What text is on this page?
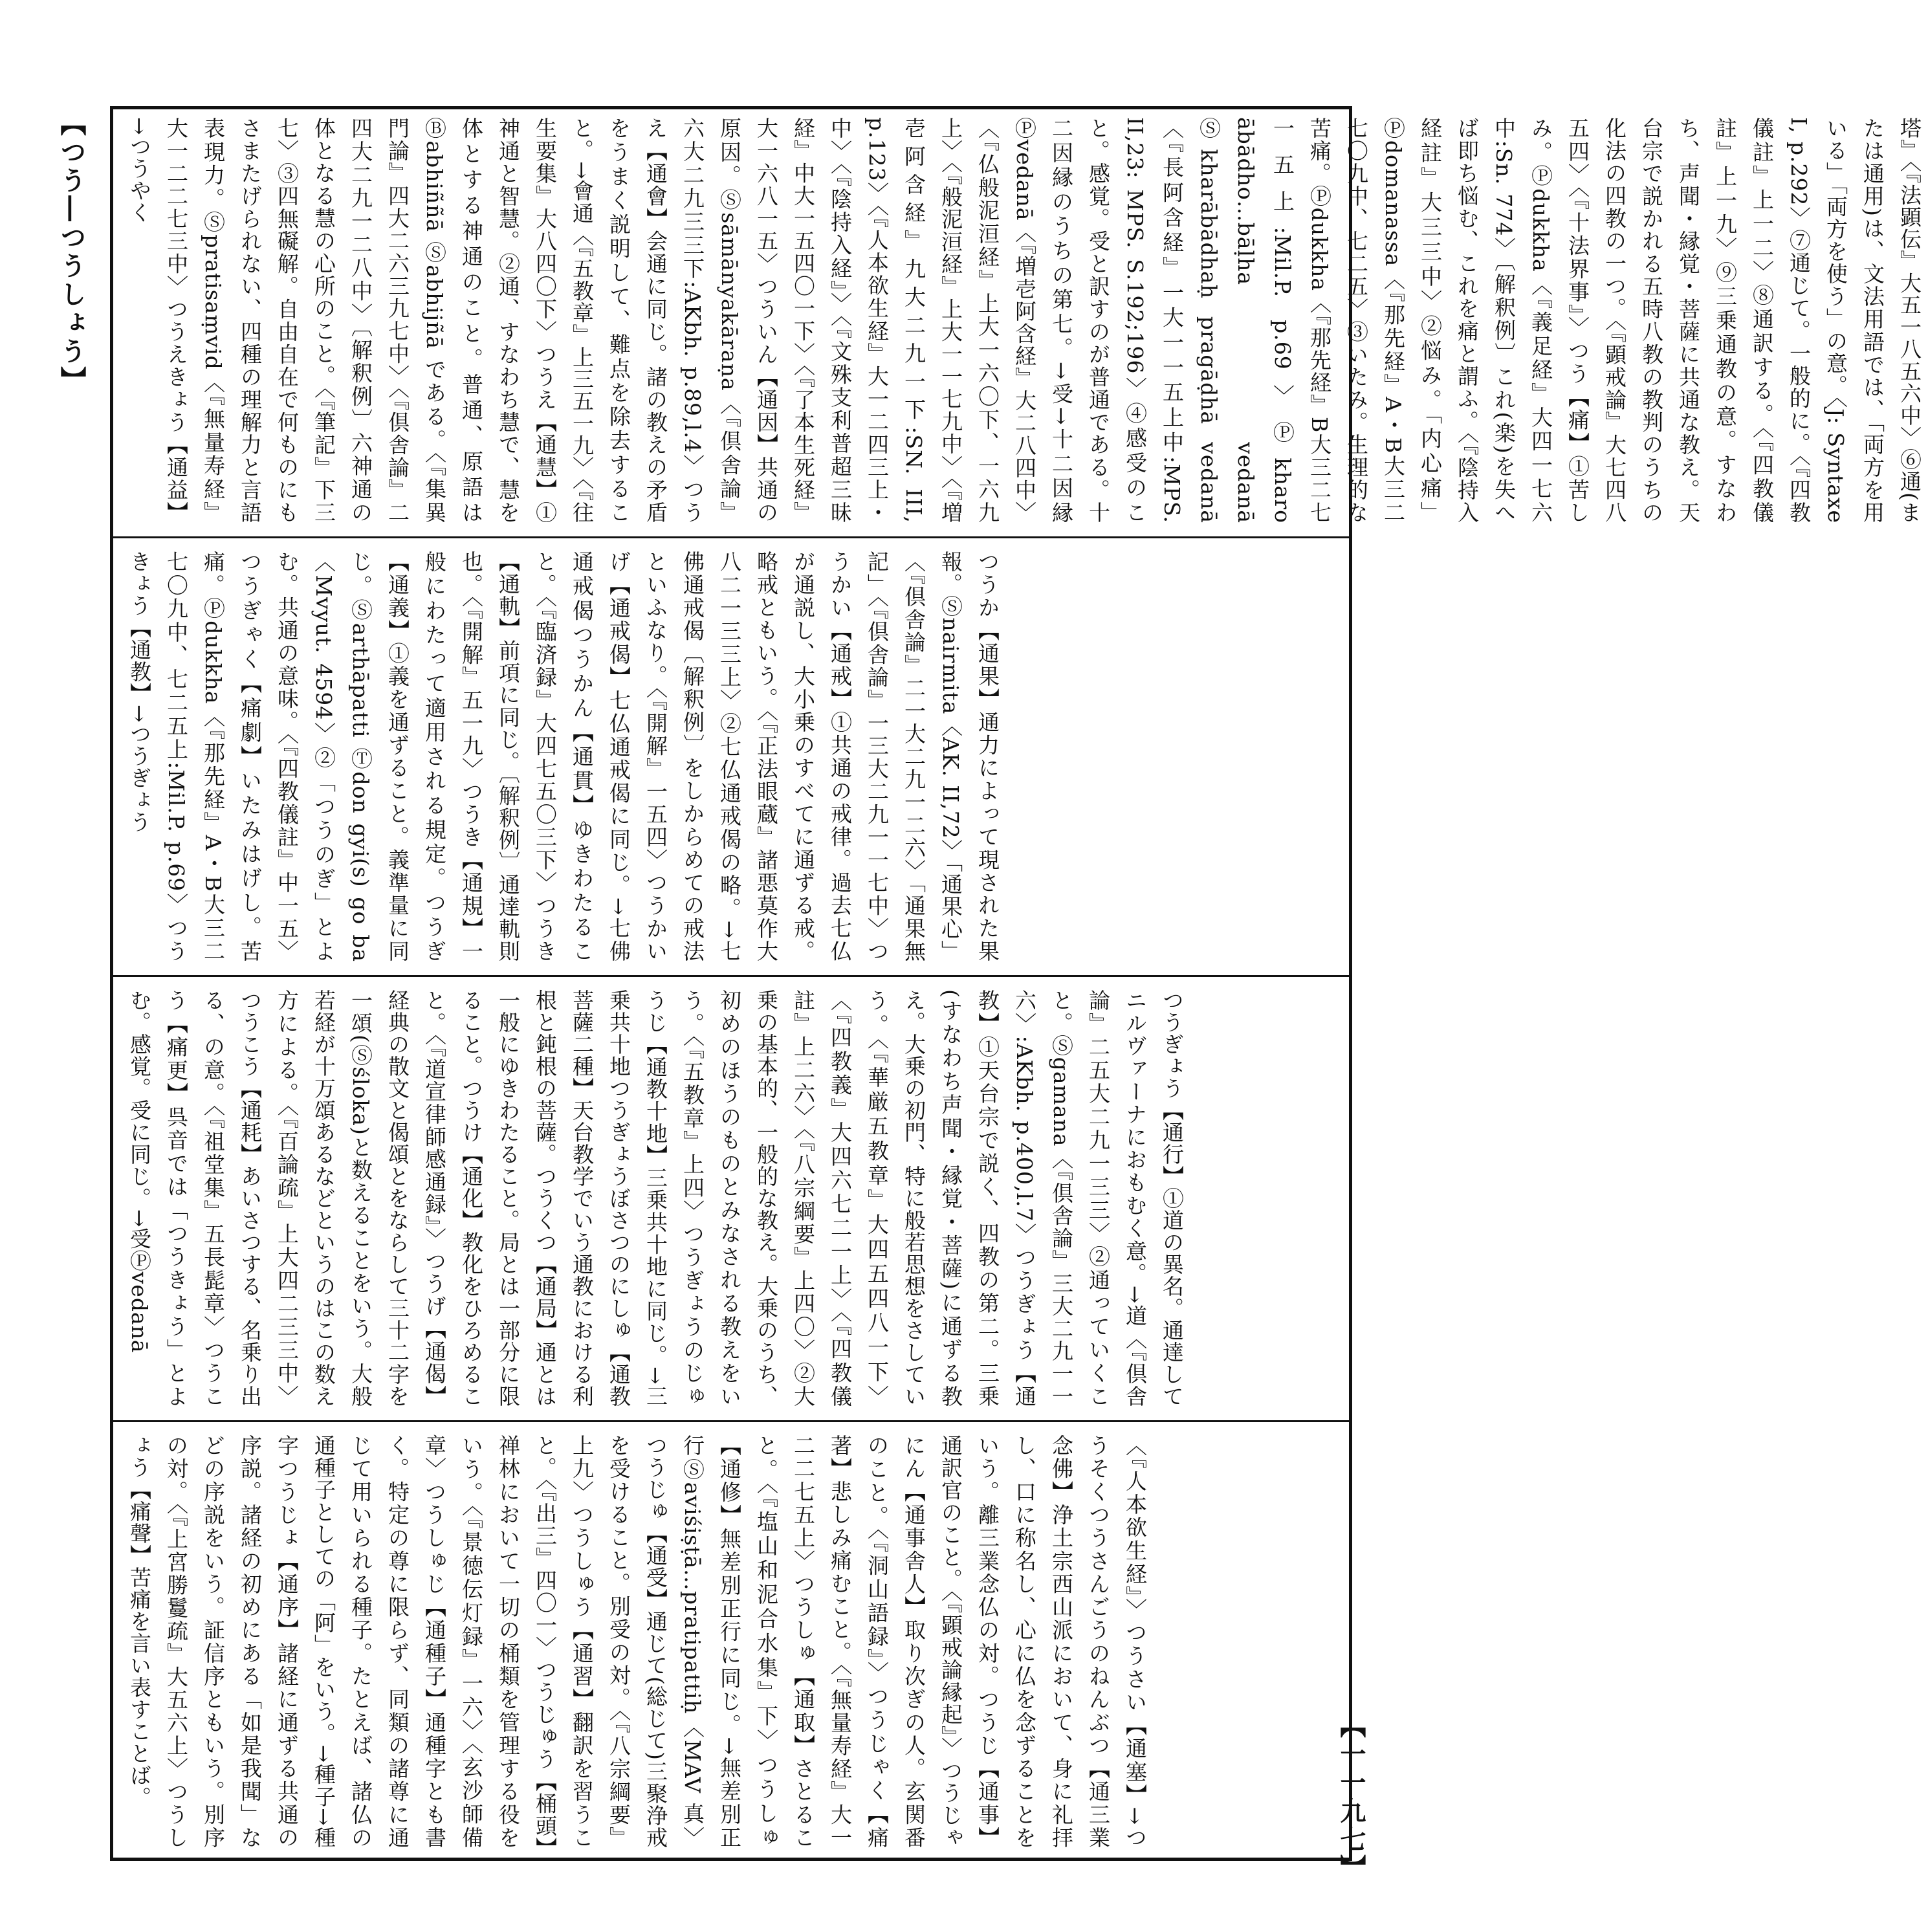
【つう―つうしょう】
【一一九七】
塔』〈『法顕伝』大五一八五六中〉⑥通(または通用)は、文法用語では、「両方を用いる」「両方を使う」の意。〈J: Syntaxe I, p.292〉⑦通じて。一般的に。〈『四教儀註』上一二〉⑧通訳する。〈『四教儀註』上一九〉⑨三乗通教の意。すなわち、声聞・縁覚・菩薩に共通な教え。天台宗で説かれる五時八教の教判のうちの化法の四教の一つ。〈『顕戒論』大七四八五四〉〈『十法界事』〉つう【痛】①苦しみ。Ⓟdukkha〈『義足経』大四一七六中:Sn. 774〉〔解釈例〕これ(楽)を失へば即ち悩む、これを痛と謂ふ。〈『陰持入経註』大三三中〉②悩み。「内心痛」Ⓟdomanassa〈『那先経』A・B大三二七〇九中、七二五〉③いたみ。生理的な苦痛。Ⓟdukkha〈『那先経』B大三二七一五上:Mil.P. p.69〉Ⓟkharo ābādho…bāḷha vedanā Ⓢkharābādhaḥ pragāḍhā vedanā〈『長阿含経』一大一一五上中:MPS. II,23: MPS. S.192;196〉④感受のこと。感覚。受と訳すのが普通である。十二因縁のうちの第七。→受→十二因縁Ⓟvedanā〈『増壱阿含経』大二八四中〉〈『仏般泥洹経』上大一六〇下、一六九上〉〈『般泥洹経』上大一一七九中〉〈『増壱阿含経』九大二九一下:SN. III, p.123〉〈『人本欲生経』大一二四三上・中〉〈『陰持入経』〉〈『文殊支利普超三昧経』中大一五四〇一下〉〈『了本生死経』大一六八一五〉つういん【通因】共通の原因。Ⓢsāmānyakāraṇa〈『倶舎論』六大二九三三下:AKbh. p.89,l.4〉つうえ【通會】会通に同じ。諸の教えの矛盾をうまく説明して、難点を除去すること。→會通〈『五教章』上三五一九〉〈『往生要集』大八四〇下〉つうえ【通慧】①神通と智慧。②通、すなわち慧で、慧を体とする神通のこと。普通、原語はⒷabhiññā Ⓢabhijñā である。〈『集異門論』四大二六三九七中〉〈『倶舎論』二四大二九一二八中〉〔解釈例〕六神通の体となる慧の心所のこと。〈『筆記』下三七〉③四無礙解。自由自在で何ものにもさまたげられない、四種の理解力と言語表現力。Ⓢpratisaṃvid〈『無量寿経』大一二二七三中〉つうえきょう【通益】→つうやく
つうか【通果】通力によって現された果報。Ⓢnairmita〈AK. II,72〉「通果心」〈『倶舎論』二一大二九一二六〉「通果無記」〈『倶舎論』一三大二九一一七中〉つうかい【通戒】①共通の戒律。過去七仏が通説し、大小乗のすべてに通ずる戒。略戒ともいう。〈『正法眼蔵』諸悪莫作大八二一三三上〉②七仏通戒偈の略。→七佛通戒偈〔解釈例〕をしからめての戒法といふなり。〈『開解』一五四〉つうかいげ【通戒偈】七仏通戒偈に同じ。→七佛通戒偈つうかん【通貫】ゆきわたること。〈『臨済録』大四七五〇三下〉つうき【通軌】前項に同じ。〔解釈例〕通達軌則也。〈『開解』五一九〉つうき【通規】一般にわたって適用される規定。つうぎ【通義】①義を通ずること。義準量に同じ。Ⓢarthāpatti Ⓣdon gyi(s) go ba〈Mvyut. 4594〉②「つうのぎ」とよむ。共通の意味。〈『四教儀註』中一五〉つうぎゃく【痛劇】いたみはげし。苦痛。Ⓟdukkha〈『那先経』A・B大三二七〇九中、七二五上:Mil.P. p.69〉つうきょう【通教】→つうぎょう
つうぎょう【通行】①道の異名。通達してニルヴァーナにおもむく意。→道〈『倶舎論』二五大二九一三三〉②通っていくこと。Ⓢgamana〈『倶舎論』三大二九一一六〉:AKbh. p.400,l.7〉つうぎょう【通教】①天台宗で説く、四教の第二。三乗(すなわち声聞・縁覚・菩薩)に通ずる教え。大乗の初門、特に般若思想をさしていう。〈『華厳五教章』大四五四八一下〉〈『四教義』大四六七二一上〉〈『四教儀註』上二六〉〈『八宗綱要』上四〇〉②大乗の基本的、一般的な教え。大乗のうち、初めのほうのものとみなされる教えをいう。〈『五教章』上四〉つうぎょうのじゅうじ【通教十地】三乗共十地に同じ。→三乗共十地つうぎょうぼさつのにしゅ【通教菩薩二種】天台教学でいう通教における利根と鈍根の菩薩。つうくつ【通局】通とは一般にゆきわたること。局とは一部分に限ること。つうけ【通化】教化をひろめること。〈『道宣律師感通録』〉つうげ【通偈】経典の散文と偈頌とをならして三十二字を一頌(Ⓢśloka)と数えることをいう。大般若経が十万頌あるなどというのはこの数え方による。〈『百論疏』上大四二三三中〉つうこう【通耗】あいさつする、名乗り出る、の意。〈『祖堂集』五長髭章〉つうこう【痛更】呉音では「つうきょう」とよむ。感覚。受に同じ。→受Ⓟvedanā
〈『人本欲生経』〉つうさい【通塞】→つうそくつうさんごうのねんぶつ【通三業念佛】浄土宗西山派において、身に礼拝し、口に称名し、心に仏を念ずることをいう。離三業念仏の対。つうじ【通事】通訳官のこと。〈『顕戒論縁起』〉つうじゃにん【通事舎人】取り次ぎの人。玄関番のこと。〈『洞山語録』〉つうじゃく【痛著】悲しみ痛むこと。〈『無量寿経』大一二二七五上〉つうしゅ【通取】さとること。〈『塩山和泥合水集』下〉つうしゅ【通修】無差別正行に同じ。→無差別正行Ⓢaviśiṣṭā…pratipattiḥ〈MAV 真〉つうじゅ【通受】通じて(総じて)三聚浄戒を受けること。別受の対。〈『八宗綱要』上九〉つうしゅう【通習】翻訳を習うこと。〈『出三』四〇一〉つうじゅう【桶頭】禅林において一切の桶類を管理する役をいう。〈『景徳伝灯録』一六〉〈玄沙師備章〉つうしゅじ【通種子】通種字とも書く。特定の尊に限らず、同類の諸尊に通じて用いられる種子。たとえば、諸仏の通種子としての「阿」をいう。→種子→種字つうじょ【通序】諸経に通ずる共通の序説。諸経の初めにある「如是我聞」などの序説をいう。証信序ともいう。別序の対。〈『上宮勝鬘疏』大五六上〉つうしょう【痛聲】苦痛を言い表すことば。
